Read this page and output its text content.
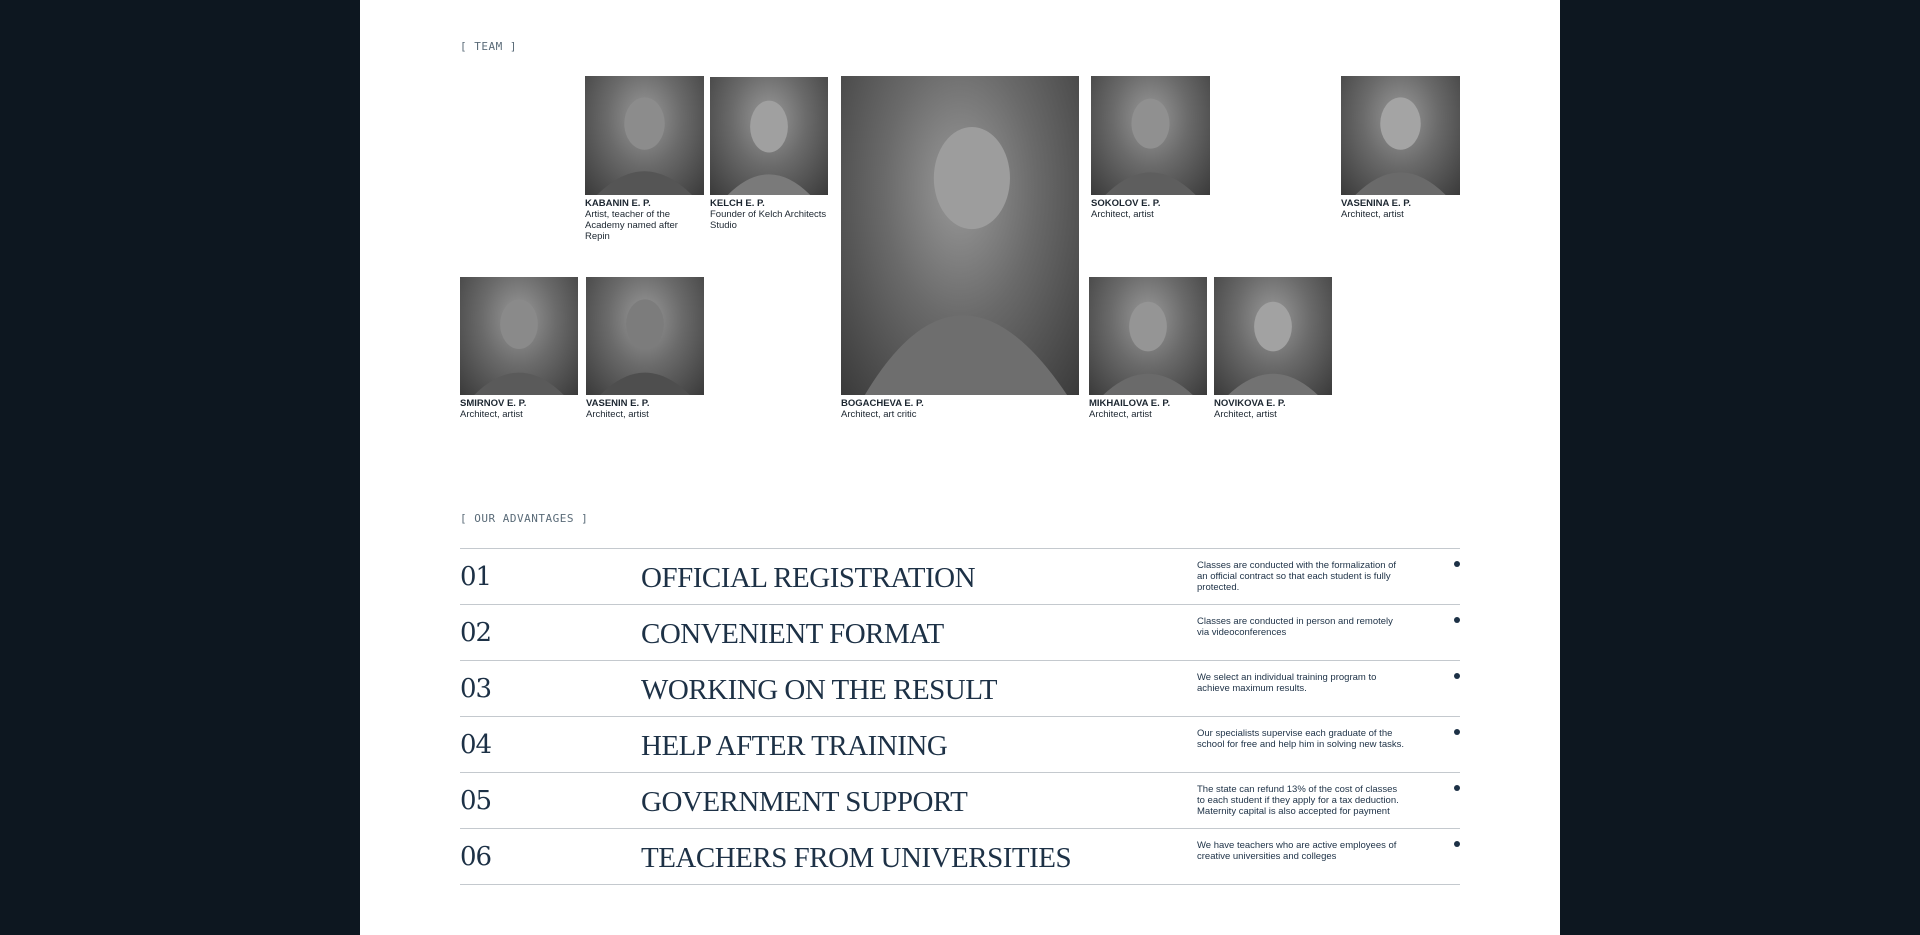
[ TEAM ]
KABANIN E. P.
Artist, teacher of the Academy named after Repin
KELCH E. P.
Founder of Kelch Architects Studio
BOGACHEVA E. P.
Architect, art critic
SOKOLOV E. P.
Architect, artist
VASENINA E. P.
Architect, artist
SMIRNOV E. P.
Architect, artist
VASENIN E. P.
Architect, artist
MIKHAILOVA E. P.
Architect, artist
NOVIKOVA E. P.
Architect, artist
[ OUR ADVANTAGES ]
01	OFFICIAL REGISTRATION	Classes are conducted with the formalization of an official contract so that each student is fully protected.
02	CONVENIENT FORMAT	Classes are conducted in person and remotely via videoconferences
03	WORKING ON THE RESULT	We select an individual training program to achieve maximum results.
04	HELP AFTER TRAINING	Our specialists supervise each graduate of the school for free and help him in solving new tasks.
05	GOVERNMENT SUPPORT	The state can refund 13% of the cost of classes to each student if they apply for a tax deduction. Maternity capital is also accepted for payment
06	TEACHERS FROM UNIVERSITIES	We have teachers who are active employees of creative universities and colleges
